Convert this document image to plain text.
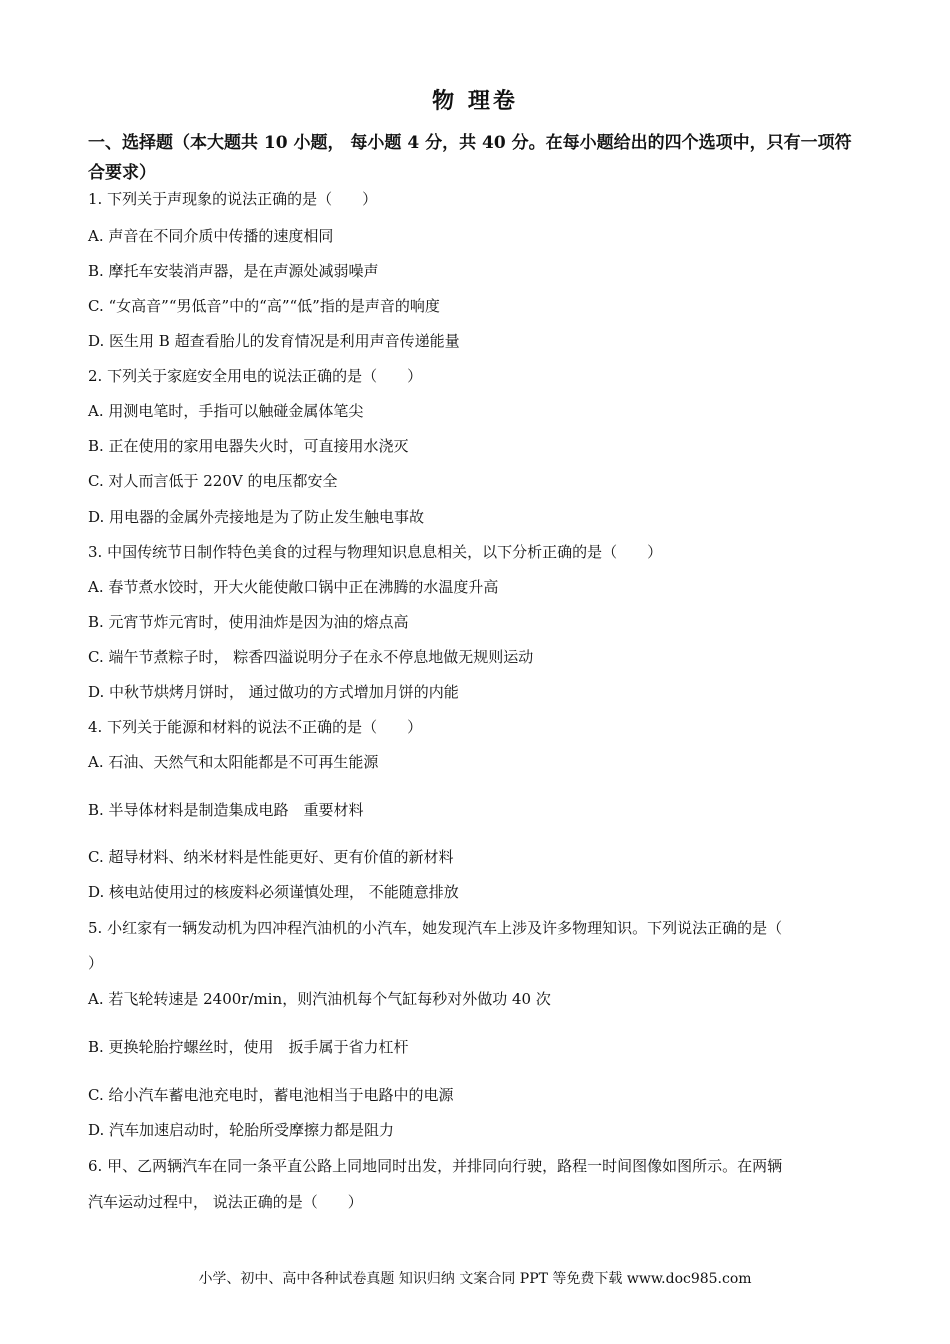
物 理卷
一、选择题（本大题共 10 小题， 每小题 4 分，共 40 分。在每小题给出的四个选项中，只有一项符合要求）
1. 下列关于声现象的说法正确的是（　　）
A. 声音在不同介质中传播的速度相同
B. 摩托车安装消声器，是在声源处减弱噪声
C. “女高音”“男低音”中的“高”“低”指的是声音的响度
D. 医生用 B 超查看胎儿的发育情况是利用声音传递能量
2. 下列关于家庭安全用电的说法正确的是（　　）
A. 用测电笔时，手指可以触碰金属体笔尖
B. 正在使用的家用电器失火时，可直接用水浇灭
C. 对人而言低于 220V 的电压都安全
D. 用电器的金属外壳接地是为了防止发生触电事故
3. 中国传统节日制作特色美食的过程与物理知识息息相关，以下分析正确的是（　　）
A. 春节煮水饺时，开大火能使敞口锅中正在沸腾的水温度升高
B. 元宵节炸元宵时，使用油炸是因为油的熔点高
C. 端午节煮粽子时， 粽香四溢说明分子在永不停息地做无规则运动
D. 中秋节烘烤月饼时， 通过做功的方式增加月饼的内能
4. 下列关于能源和材料的说法不正确的是（　　）
A. 石油、天然气和太阳能都是不可再生能源
B. 半导体材料是制造集成电路　重要材料
C. 超导材料、纳米材料是性能更好、更有价值的新材料
D. 核电站使用过的核废料必须谨慎处理， 不能随意排放
5. 小红家有一辆发动机为四冲程汽油机的小汽车，她发现汽车上涉及许多物理知识。下列说法正确的是（
）
A. 若飞轮转速是 2400r/min，则汽油机每个气缸每秒对外做功 40 次
B. 更换轮胎拧螺丝时，使用　扳手属于省力杠杆
C. 给小汽车蓄电池充电时，蓄电池相当于电路中的电源
D. 汽车加速启动时，轮胎所受摩擦力都是阻力
6. 甲、乙两辆汽车在同一条平直公路上同地同时出发，并排同向行驶，路程一时间图像如图所示。在两辆
汽车运动过程中， 说法正确的是（　　）
小学、初中、高中各种试卷真题 知识归纳 文案合同 PPT 等免费下载 www.doc985.com
